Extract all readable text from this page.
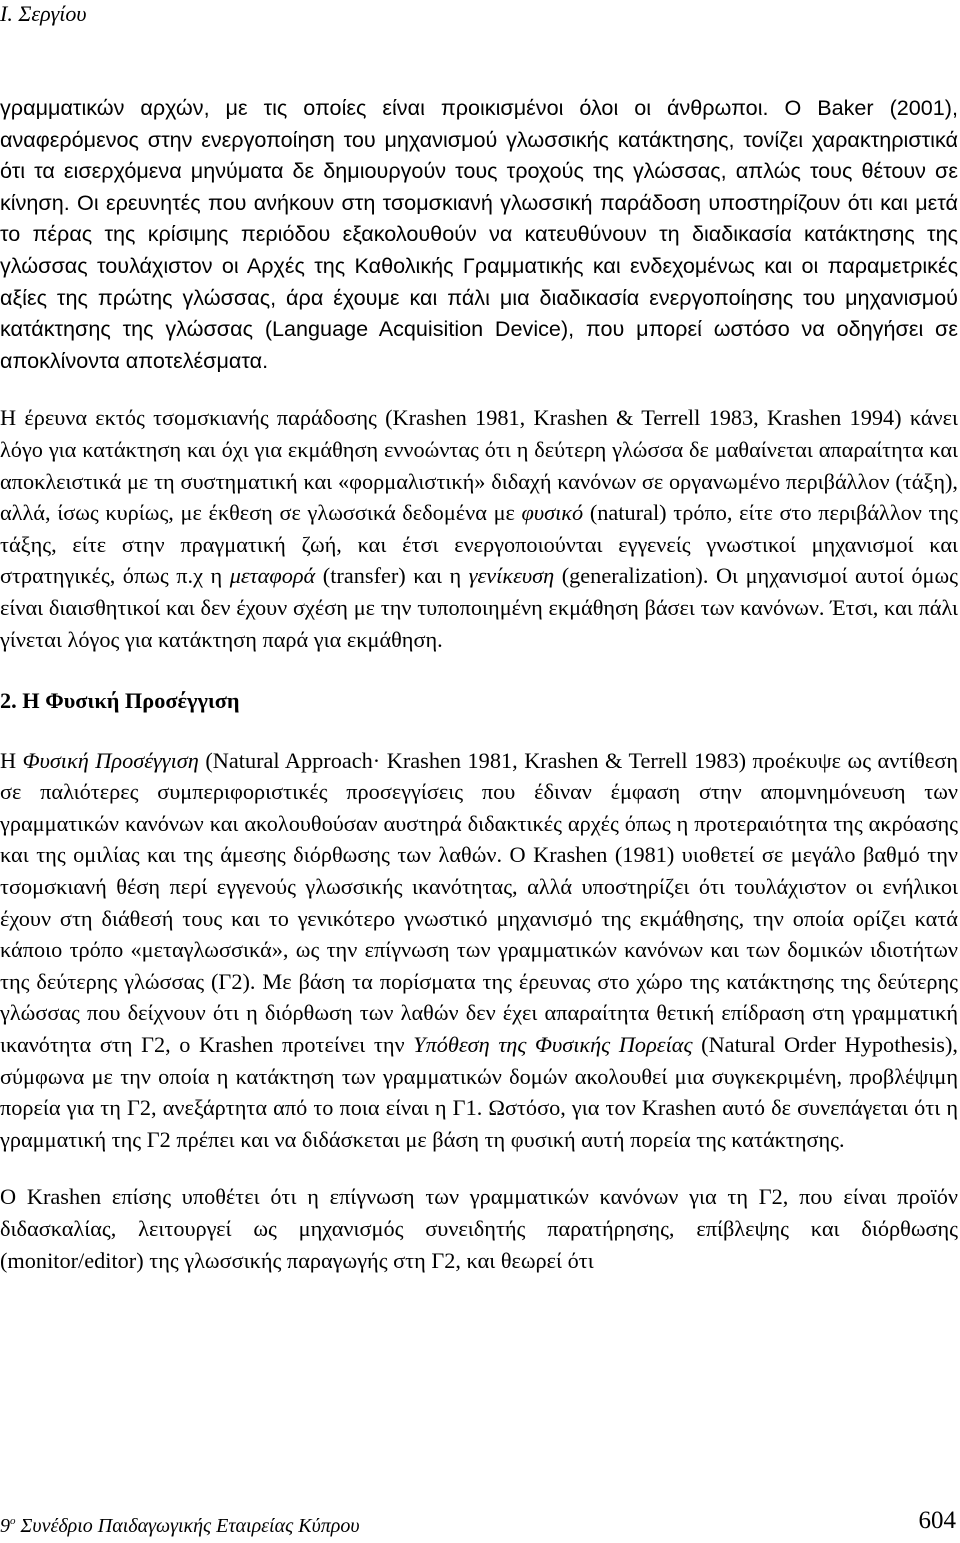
Ι. Σεργίου

γραμματικών αρχών, με τις οποίες είναι προικισμένοι όλοι οι άνθρωποι. Ο Baker (2001), αναφερόμενος στην ενεργοποίηση του μηχανισμού γλωσσικής κατάκτησης, τονίζει χαρακτηριστικά ότι τα εισερχόμενα μηνύματα δε δημιουργούν τους τροχούς της γλώσσας, απλώς τους θέτουν σε κίνηση. Οι ερευνητές που ανήκουν στη τσομσκιανή γλωσσική παράδοση υποστηρίζουν ότι και μετά το πέρας της κρίσιμης περιόδου εξακολουθούν να κατευθύνουν τη διαδικασία κατάκτησης της γλώσσας τουλάχιστον οι Αρχές της Καθολικής Γραμματικής και ενδεχομένως και οι παραμετρικές αξίες της πρώτης γλώσσας, άρα έχουμε και πάλι μια διαδικασία ενεργοποίησης του μηχανισμού κατάκτησης της γλώσσας (Language Acquisition Device), που μπορεί ωστόσο να οδηγήσει σε αποκλίνοντα αποτελέσματα.

Η έρευνα εκτός τσομσκιανής παράδοσης (Krashen 1981, Krashen & Terrell 1983, Krashen 1994) κάνει λόγο για κατάκτηση και όχι για εκμάθηση εννοώντας ότι η δεύτερη γλώσσα δε μαθαίνεται απαραίτητα και αποκλειστικά με τη συστηματική και «φορμαλιστική» διδαχή κανόνων σε οργανωμένο περιβάλλον (τάξη), αλλά, ίσως κυρίως, με έκθεση σε γλωσσικά δεδομένα με φυσικό (natural) τρόπο, είτε στο περιβάλλον της τάξης, είτε στην πραγματική ζωή, και έτσι ενεργοποιούνται εγγενείς γνωστικοί μηχανισμοί και στρατηγικές, όπως π.χ η μεταφορά (transfer) και η γενίκευση (generalization). Οι μηχανισμοί αυτοί όμως είναι διαισθητικοί και δεν έχουν σχέση με την τυποποιημένη εκμάθηση βάσει των κανόνων. Έτσι, και πάλι γίνεται λόγος για κατάκτηση παρά για εκμάθηση.

2. Η Φυσική Προσέγγιση

Η Φυσική Προσέγγιση (Natural Approach· Krashen 1981, Krashen & Terrell 1983) προέκυψε ως αντίθεση σε παλιότερες συμπεριφοριστικές προσεγγίσεις που έδιναν έμφαση στην απομνημόνευση των γραμματικών κανόνων και ακολουθούσαν αυστηρά διδακτικές αρχές όπως η προτεραιότητα της ακρόασης και της ομιλίας και της άμεσης διόρθωσης των λαθών. Ο Krashen (1981) υιοθετεί σε μεγάλο βαθμό την τσομσκιανή θέση περί εγγενούς γλωσσικής ικανότητας, αλλά υποστηρίζει ότι τουλάχιστον οι ενήλικοι έχουν στη διάθεσή τους και το γενικότερο γνωστικό μηχανισμό της εκμάθησης, την οποία ορίζει κατά κάποιο τρόπο «μεταγλωσσικά», ως την επίγνωση των γραμματικών κανόνων και των δομικών ιδιοτήτων της δεύτερης γλώσσας (Γ2). Με βάση τα πορίσματα της έρευνας στο χώρο της κατάκτησης της δεύτερης γλώσσας που δείχνουν ότι η διόρθωση των λαθών δεν έχει απαραίτητα θετική επίδραση στη γραμματική ικανότητα στη Γ2, ο Krashen προτείνει την Υπόθεση της Φυσικής Πορείας (Natural Order Hypothesis), σύμφωνα με την οποία η κατάκτηση των γραμματικών δομών ακολουθεί μια συγκεκριμένη, προβλέψιμη πορεία για τη Γ2, ανεξάρτητα από το ποια είναι η Γ1. Ωστόσο, για τον Krashen αυτό δε συνεπάγεται ότι η γραμματική της Γ2 πρέπει και να διδάσκεται με βάση τη φυσική αυτή πορεία της κατάκτησης.

Ο Krashen επίσης υποθέτει ότι η επίγνωση των γραμματικών κανόνων για τη Γ2, που είναι προϊόν διδασκαλίας, λειτουργεί ως μηχανισμός συνειδητής παρατήρησης, επίβλεψης και διόρθωσης (monitor/editor) της γλωσσικής παραγωγής στη Γ2, και θεωρεί ότι

$9^o$ Συνέδριο Παιδαγωγικής Εταιρείας Κύπρου	604
